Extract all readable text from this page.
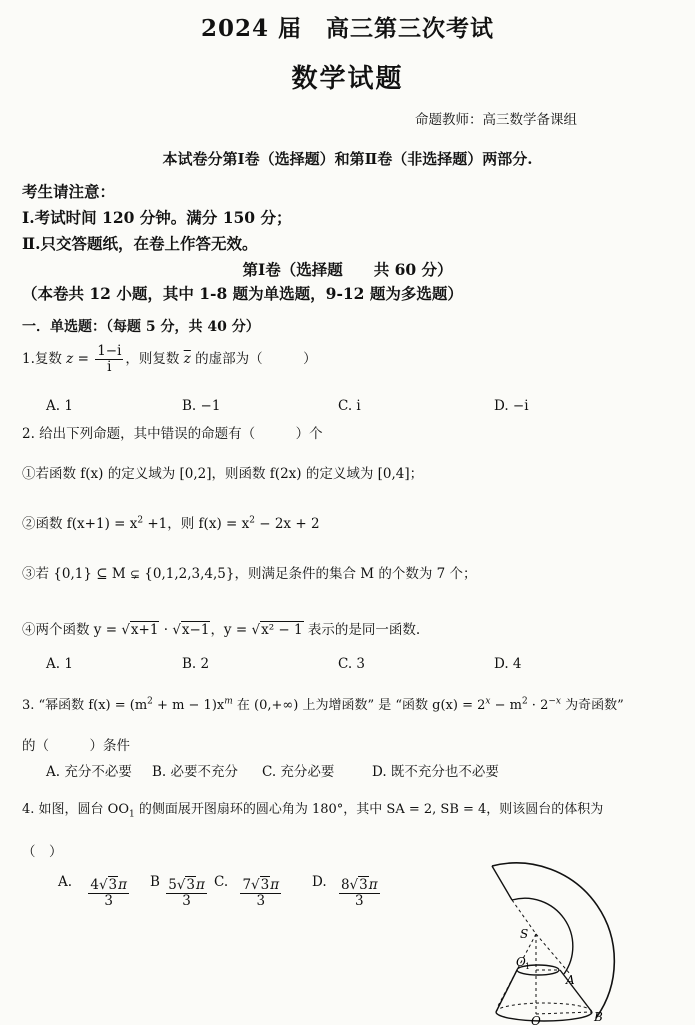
2024 届　高三第三次考试
数学试题
命题教师：高三数学备课组
本试卷分第Ⅰ卷（选择题）和第Ⅱ卷（非选择题）两部分.
考生请注意：
Ⅰ.考试时间 120 分钟。满分 150 分；
Ⅱ.只交答题纸，在卷上作答无效。
第Ⅰ卷（选择题　　共 60 分）
（本卷共 12 小题，其中 1-8 题为单选题，9-12 题为多选题）
一．单选题：（每题 5 分，共 40 分）
1.复数 $z = \frac{1-i}{i}$ ，则复数 $\overline{z}$ 的虚部为（　　　）
A. 1	B. −1	C. i	D. −i
2. 给出下列命题，其中错误的命题有（　　　）个
①若函数 f(x) 的定义域为 [0,2]，则函数 f(2x) 的定义域为 [0,4]；
②函数 $f(x+1) = x^2 +1$，则 $f(x) = x^2 - 2x + 2$
③若 {0,1} ⊆ M ⊊ {0,1,2,3,4,5}，则满足条件的集合 M 的个数为 7 个；
④两个函数 y = √x+1 · √x−1，y = √x² − 1 表示的是同一函数.
A. 1	B. 2	C. 3	D. 4
3. “幂函数 $f(x) = (m^2 + m - 1)x^m$ 在 (0,+∞) 上为增函数” 是 “函数 $g(x) = 2^x - m^2 \cdot 2^{-x}$ 为奇函数”
的（　　　）条件
A. 充分不必要 B. 必要不充分 C. 充分必要	D. 既不充分也不必要
4. 如图，圆台 $OO_1$ 的侧面展开图扇环的圆心角为 180°，其中 SA = 2, SB = 4，则该圆台的体积为
（　）
A. $\frac{4√3\pi}{3}$ B $\frac{5√3\pi}{3} C$. $\frac{7√3\pi}{3} D$. $\frac{8√3\pi}{3}$
S
O 1
A
O	B
